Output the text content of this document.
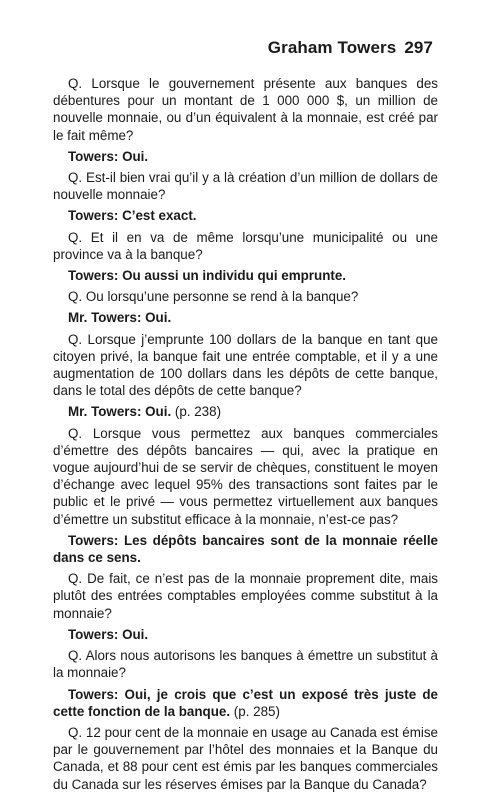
Graham Towers 297

Q. Lorsque le gouvernement présente aux banques des débentures pour un montant de 1 000 000 $, un million de nouvelle monnaie, ou d’un équivalent à la monnaie, est créé par le fait même?

Towers: Oui.

Q. Est-il bien vrai qu’il y a là création d’un million de dollars de nouvelle monnaie?

Towers: C’est exact.

Q. Et il en va de même lorsqu’une municipalité ou une province va à la banque?

Towers: Ou aussi un individu qui emprunte.

Q. Ou lorsqu’une personne se rend à la banque?

Mr. Towers: Oui.

Q. Lorsque j’emprunte 100 dollars de la banque en tant que citoyen privé, la banque fait une entrée comptable, et il y a une augmentation de 100 dollars dans les dépôts de cette banque, dans le total des dépôts de cette banque?

Mr. Towers: Oui. (p. 238)

Q. Lorsque vous permettez aux banques commerciales d’émettre des dépôts bancaires — qui, avec la pratique en vogue aujourd’hui de se servir de chèques, constituent le moyen d’échange avec lequel 95% des transactions sont faites par le public et le privé — vous permettez virtuellement aux banques d’émettre un substitut efficace à la monnaie, n’est-ce pas?

Towers: Les dépôts bancaires sont de la monnaie réelle dans ce sens.

Q. De fait, ce n’est pas de la monnaie proprement dite, mais plutôt des entrées comptables employées comme substitut à la monnaie?

Towers: Oui.

Q. Alors nous autorisons les banques à émettre un substitut à la monnaie?

Towers: Oui, je crois que c’est un exposé très juste de cette fonction de la banque. (p. 285)

Q. 12 pour cent de la monnaie en usage au Canada est émise par le gouvernement par l’hôtel des monnaies et la Banque du Canada, et 88 pour cent est émis par les banques commerciales du Canada sur les réserves émises par la Banque du Canada?
